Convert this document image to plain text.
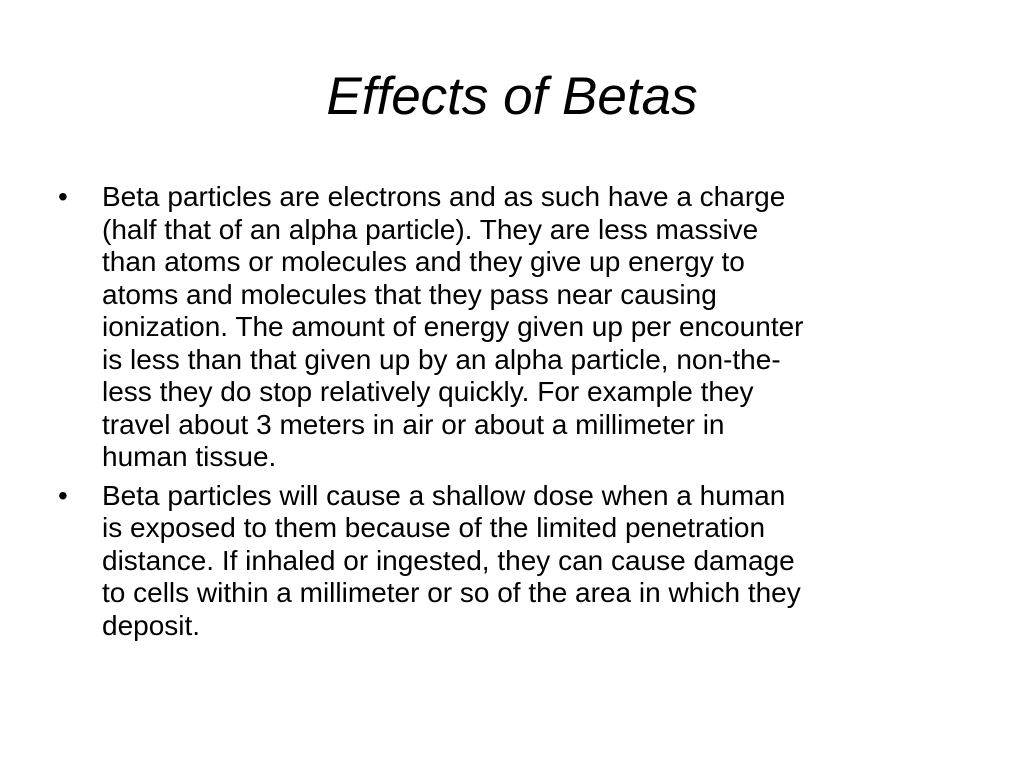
Effects of Betas
•	Beta particles are electrons and as such have a charge
(half that of an alpha particle). They are less massive
than atoms or molecules and they give up energy to
atoms and molecules that they pass near causing
ionization. The amount of energy given up per encounter
is less than that given up by an alpha particle, non-the-
less they do stop relatively quickly. For example they
travel about 3 meters in air or about a millimeter in
human tissue.
•	Beta particles will cause a shallow dose when a human
is exposed to them because of the limited penetration
distance. If inhaled or ingested, they can cause damage
to cells within a millimeter or so of the area in which they
deposit.
